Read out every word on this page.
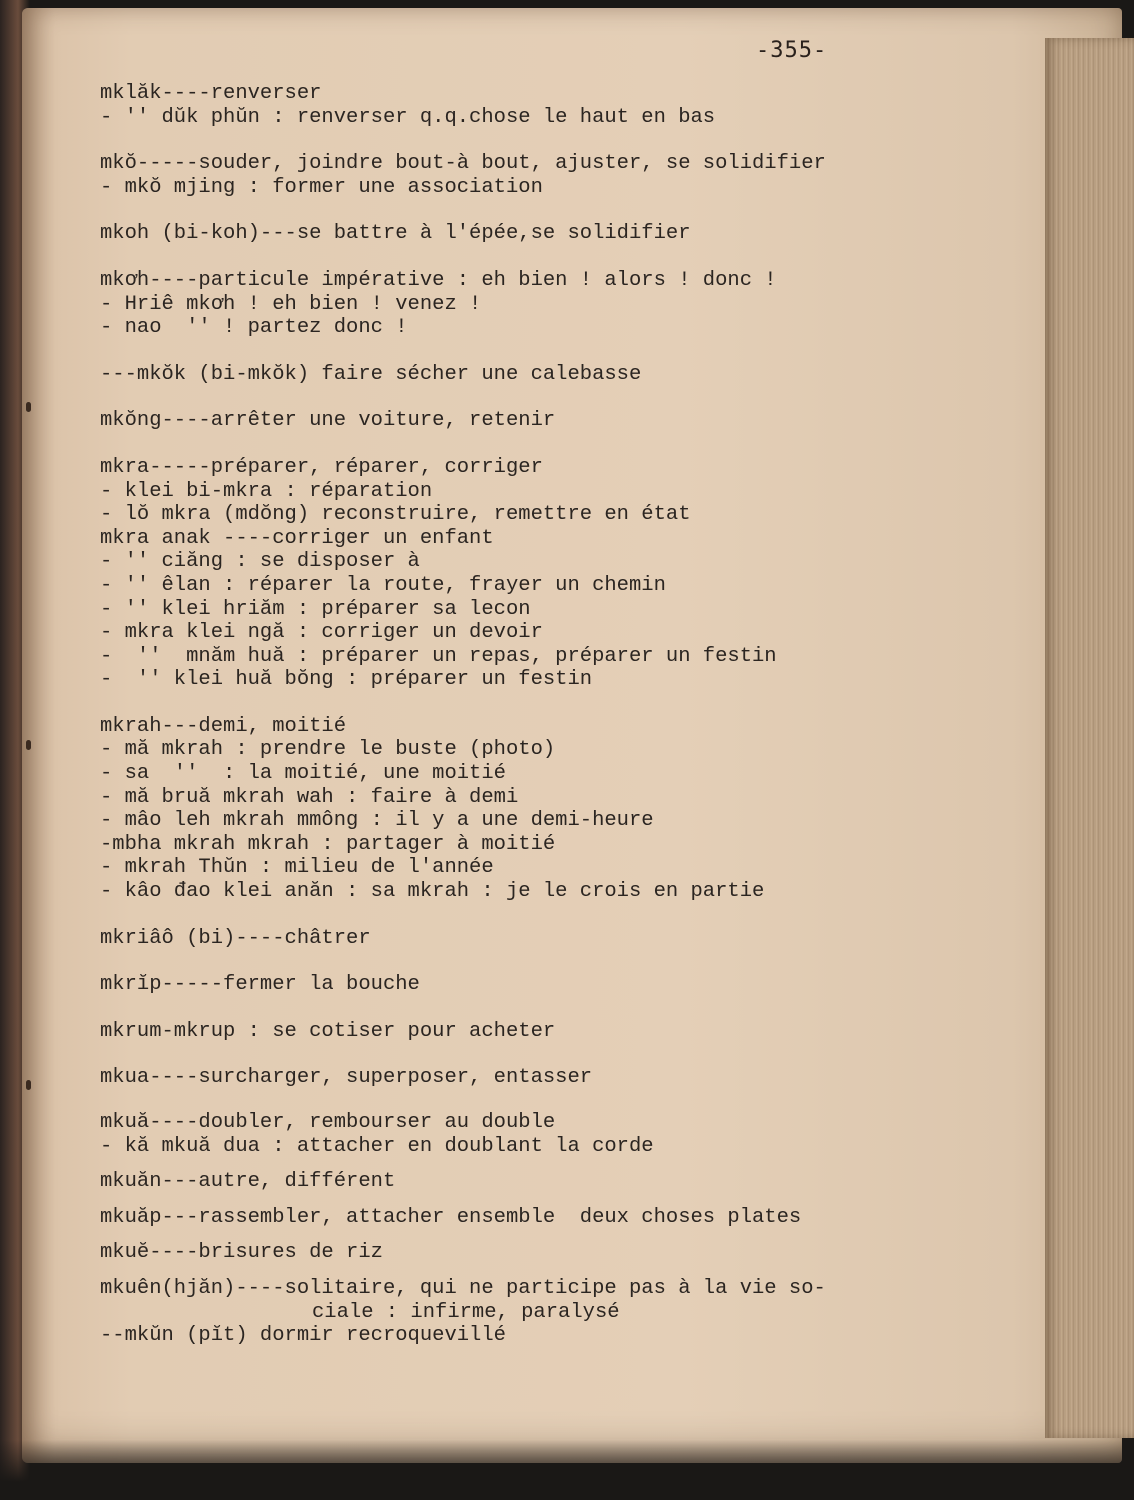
-355-
mklăk----renverser
- '' dŭk phŭn : renverser q.q.chose le haut en bas
mkŏ-----souder, joindre bout-à bout, ajuster, se solidifier
- mkŏ mjing : former une association
mkoh (bi-koh)---se battre à l'épée,se solidifier
mkơh----particule impérative : eh bien ! alors ! donc !
- Hriê mkơh ! eh bien ! venez !
- nao  '' ! partez donc !
---mkŏk (bi-mkŏk) faire sécher une calebasse
mkŏng----arrêter une voiture, retenir
mkra-----préparer, réparer, corriger
- klei bi-mkra : réparation
- lŏ mkra (mdŏng) reconstruire, remettre en état
mkra anak ----corriger un enfant
- '' ciăng : se disposer à
- '' êlan : réparer la route, frayer un chemin
- '' klei hriăm : préparer sa lecon
- mkra klei ngă : corriger un devoir
-  ''  mnăm huă : préparer un repas, préparer un festin
-  '' klei huă bŏng : préparer un festin
mkrah---demi, moitié
- mă mkrah : prendre le buste (photo)
- sa  ''  : la moitié, une moitié
- mă bruă mkrah wah : faire à demi
- mâo leh mkrah mmông : il y a une demi-heure
-mbha mkrah mkrah : partager à moitié
- mkrah Thŭn : milieu de l'année
- kâo đao klei anăn : sa mkrah : je le crois en partie
mkriâô (bi)----châtrer
mkrĭp-----fermer la bouche
mkrum-mkrup : se cotiser pour acheter
mkua----surcharger, superposer, entasser
mkuă----doubler, rembourser au double
- kă mkuă dua : attacher en doublant la corde
mkuăn---autre, différent
mkuăp---rassembler, attacher ensemble  deux choses plates
mkuĕ----brisures de riz
mkuên(hjăn)----solitaire, qui ne participe pas à la vie so-
ciale : infirme, paralysé
--mkŭn (pĭt) dormir recroquevillé
